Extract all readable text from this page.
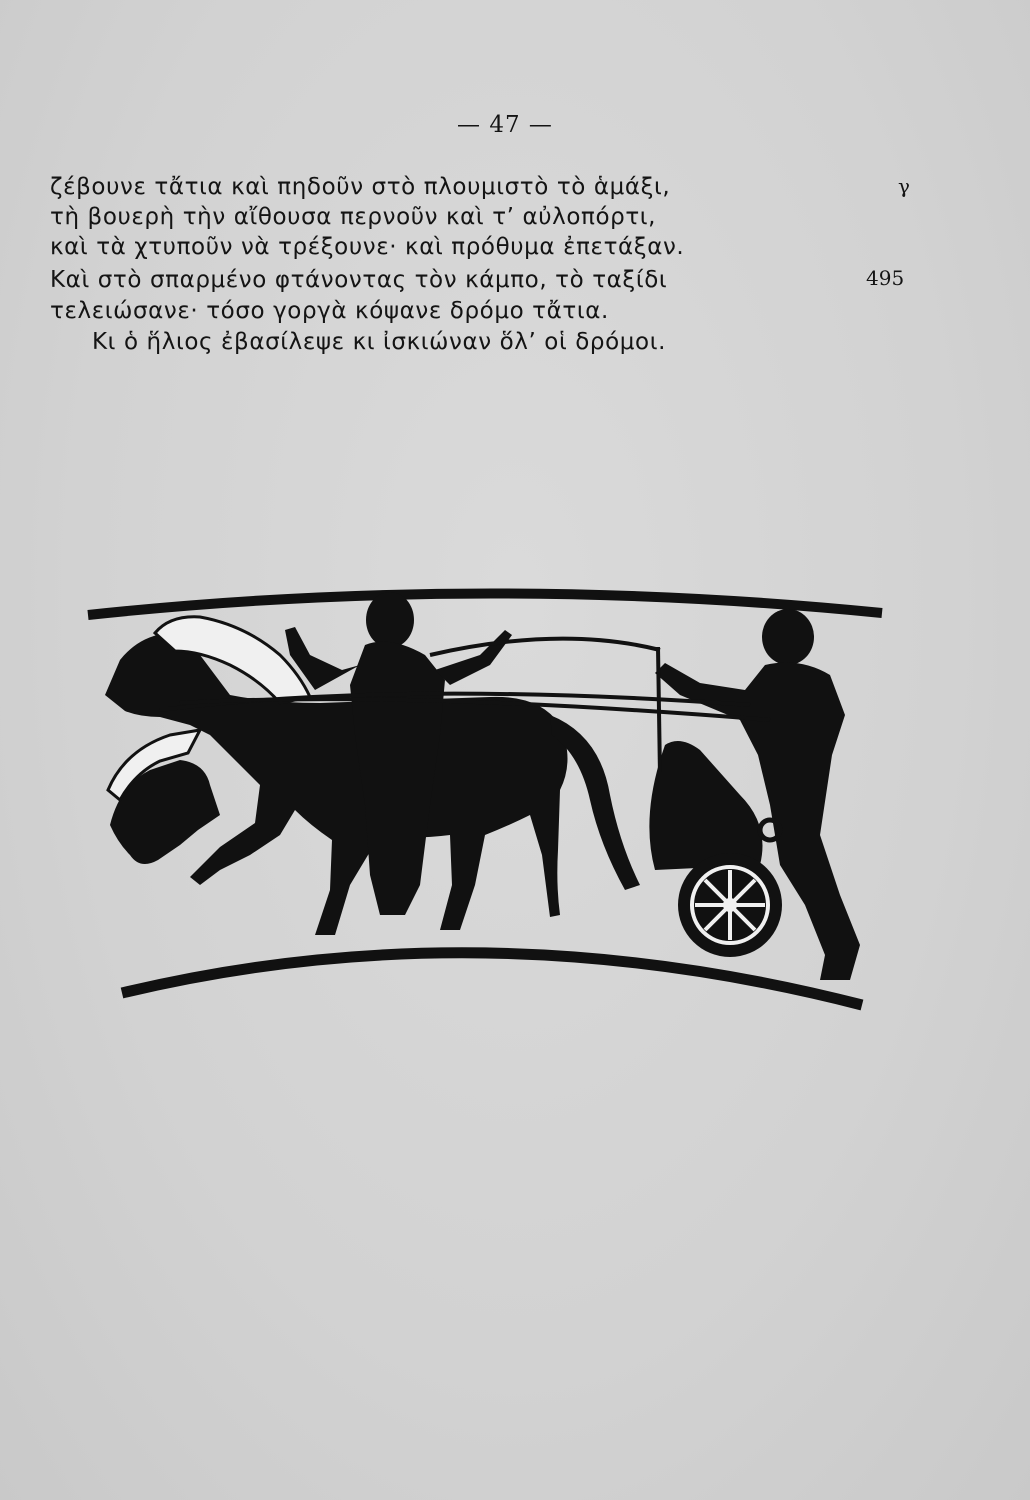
— 47 —
ζέβουνε τἄτια καὶ πηδοῦν στὸ πλουμιστὸ τὸ ἁμάξι,
τὴ βουερὴ τὴν αἴθουσα περνοῦν καὶ τ’ αὐλοπόρτι,
καὶ τὰ χτυποῦν νὰ τρέξουνε· καὶ πρόθυμα ἐπετάξαν.
Καὶ στὸ σπαρμένο φτάνοντας τὸν κάμπο, τὸ ταξίδι
τελειώσανε· τόσο γοργὰ κόψανε δρόμο τἄτια.
Κι ὁ ἥλιος ἐβασίλεψε κι ἰσκιώναν ὅλ’ οἱ δρόμοι.
γ
495
